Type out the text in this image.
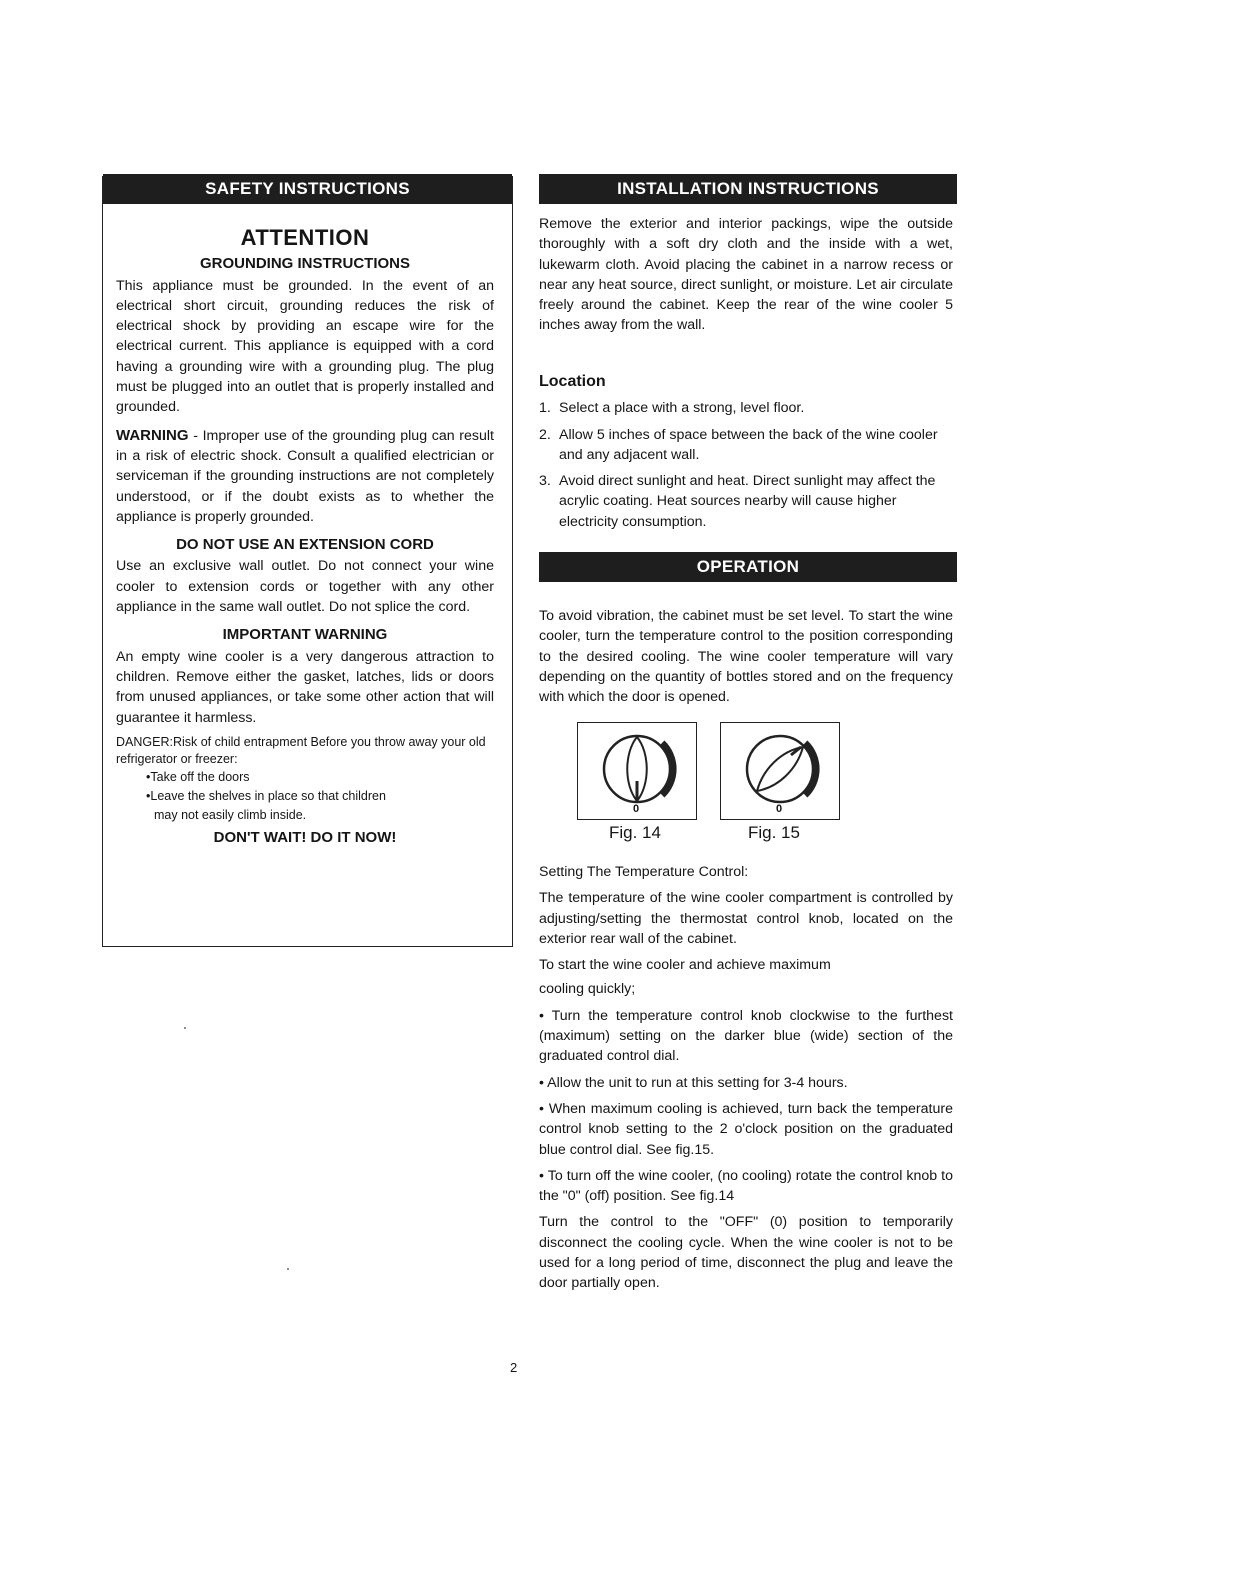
SAFETY INSTRUCTIONS
ATTENTION
GROUNDING INSTRUCTIONS

This appliance must be grounded. In the event of an electrical short circuit, grounding reduces the risk of electrical shock by providing an escape wire for the electrical current. This appliance is equipped with a cord having a grounding wire with a grounding plug. The plug must be plugged into an outlet that is properly installed and grounded.

WARNING - Improper use of the grounding plug can result in a risk of electric shock. Consult a qualified electrician or serviceman if the grounding instructions are not completely understood, or if the doubt exists as to whether the appliance is properly grounded.

DO NOT USE AN EXTENSION CORD

Use an exclusive wall outlet. Do not connect your wine cooler to extension cords or together with any other appliance in the same wall outlet. Do not splice the cord.

IMPORTANT WARNING

An empty wine cooler is a very dangerous attraction to children. Remove either the gasket, latches, lids or doors from unused appliances, or take some other action that will guarantee it harmless.

DANGER:Risk of child entrapment Before you throw away your old refrigerator or freezer:

•Take off the doors
•Leave the shelves in place so that children
may not easily climb inside.
DON'T WAIT! DO IT NOW!
INSTALLATION INSTRUCTIONS

Remove the exterior and interior packings, wipe the outside thoroughly with a soft dry cloth and the inside with a wet, lukewarm cloth. Avoid placing the cabinet in a narrow recess or near any heat source, direct sunlight, or moisture. Let air circulate freely around the cabinet. Keep the rear of the wine cooler 5 inches away from the wall.

Location
1. Select a place with a strong, level floor.
2. Allow 5 inches of space between the back of the wine cooler and any adjacent wall.
3. Avoid direct sunlight and heat. Direct sunlight may affect the acrylic coating. Heat sources nearby will cause higher electricity consumption.
OPERATION

To avoid vibration, the cabinet must be set level. To start the wine cooler, turn the temperature control to the position corresponding to the desired cooling. The wine cooler temperature will vary depending on the quantity of bottles stored and on the frequency with which the door is opened.

0	0
Fig. 14	Fig. 15

Setting The Temperature Control:

The temperature of the wine cooler compartment is controlled by adjusting/setting the thermostat control knob, located on the exterior rear wall of the cabinet.

To start the wine cooler and achieve maximum

cooling quickly;

• Turn the temperature control knob clockwise to the furthest (maximum) setting on the darker blue (wide) section of the graduated control dial.

• Allow the unit to run at this setting for 3-4 hours.

• When maximum cooling is achieved, turn back the temperature control knob setting to the 2 o'clock position on the graduated blue control dial. See fig.15.

• To turn off the wine cooler, (no cooling) rotate the control knob to the "0" (off) position. See fig.14

Turn the control to the "OFF" (0) position to temporarily disconnect the cooling cycle. When the wine cooler is not to be used for a long period of time, disconnect the plug and leave the door partially open.

2
